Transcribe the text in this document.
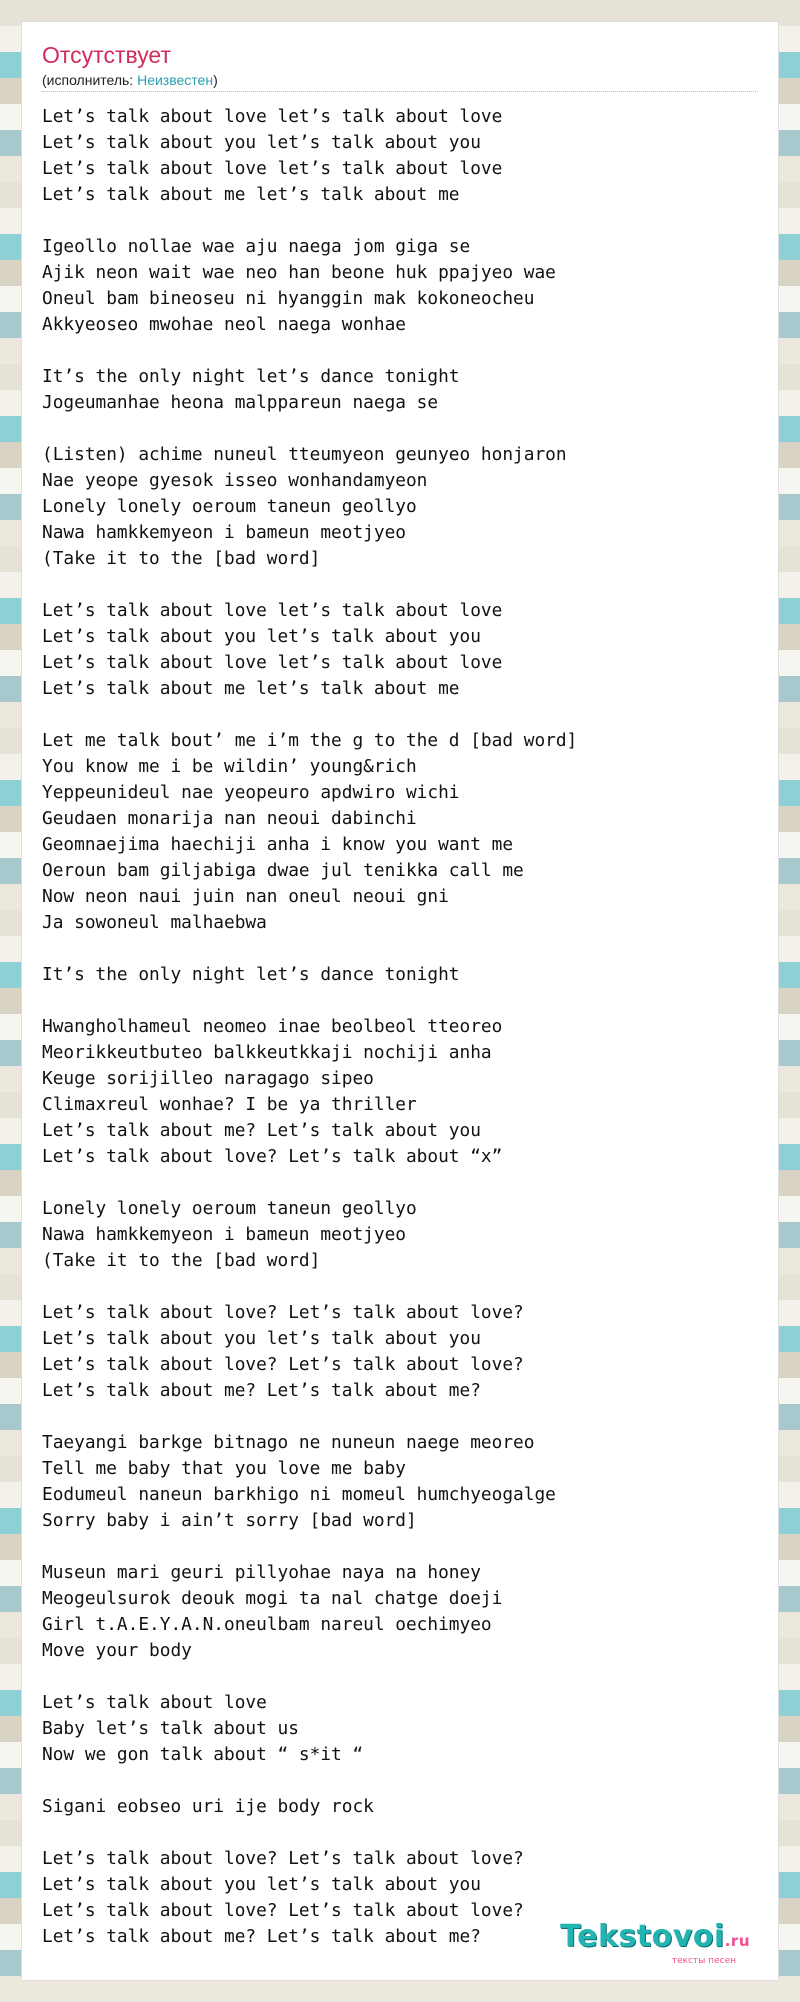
Отсутствует
(исполнитель: Неизвестен)
Let’s talk about love let’s talk about love
Let’s talk about you let’s talk about you
Let’s talk about love let’s talk about love
Let’s talk about me let’s talk about me

Igeollo nollae wae aju naega jom giga se
Ajik neon wait wae neo han beone huk ppajyeo wae
Oneul bam bineoseu ni hyanggin mak kokoneocheu
Akkyeoseo mwohae neol naega wonhae

It’s the only night let’s dance tonight
Jogeumanhae heona malppareun naega se

(Listen) achime nuneul tteumyeon geunyeo honjaron
Nae yeope gyesok isseo wonhandamyeon
Lonely lonely oeroum taneun geollyo
Nawa hamkkemyeon i bameun meotjyeo
(Take it to the [bad word]

Let’s talk about love let’s talk about love
Let’s talk about you let’s talk about you
Let’s talk about love let’s talk about love
Let’s talk about me let’s talk about me

Let me talk bout’ me i’m the g to the d [bad word]
You know me i be wildin’ young&rich
Yeppeunideul nae yeopeuro apdwiro wichi
Geudaen monarija nan neoui dabinchi
Geomnaejima haechiji anha i know you want me
Oeroun bam giljabiga dwae jul tenikka call me
Now neon naui juin nan oneul neoui gni
Ja sowoneul malhaebwa

It’s the only night let’s dance tonight

Hwangholhameul neomeo inae beolbeol tteoreo
Meorikkeutbuteo balkkeutkkaji nochiji anha
Keuge sorijilleo naragago sipeo
Climaxreul wonhae? I be ya thriller
Let’s talk about me? Let’s talk about you
Let’s talk about love? Let’s talk about “x”

Lonely lonely oeroum taneun geollyo
Nawa hamkkemyeon i bameun meotjyeo
(Take it to the [bad word]

Let’s talk about love? Let’s talk about love?
Let’s talk about you let’s talk about you
Let’s talk about love? Let’s talk about love?
Let’s talk about me? Let’s talk about me?

Taeyangi barkge bitnago ne nuneun naege meoreo
Tell me baby that you love me baby
Eodumeul naneun barkhigo ni momeul humchyeogalge
Sorry baby i ain’t sorry [bad word]

Museun mari geuri pillyohae naya na honey
Meogeulsurok deouk mogi ta nal chatge doeji
Girl t.A.E.Y.A.N.oneulbam nareul oechimyeo
Move your body

Let’s talk about love
Baby let’s talk about us
Now we gon talk about “ s*it “

Sigani eobseo uri ije body rock

Let’s talk about love? Let’s talk about love?
Let’s talk about you let’s talk about you
Let’s talk about love? Let’s talk about love?
Let’s talk about me? Let’s talk about me?	Tekstovoi.ru
тексты песен
